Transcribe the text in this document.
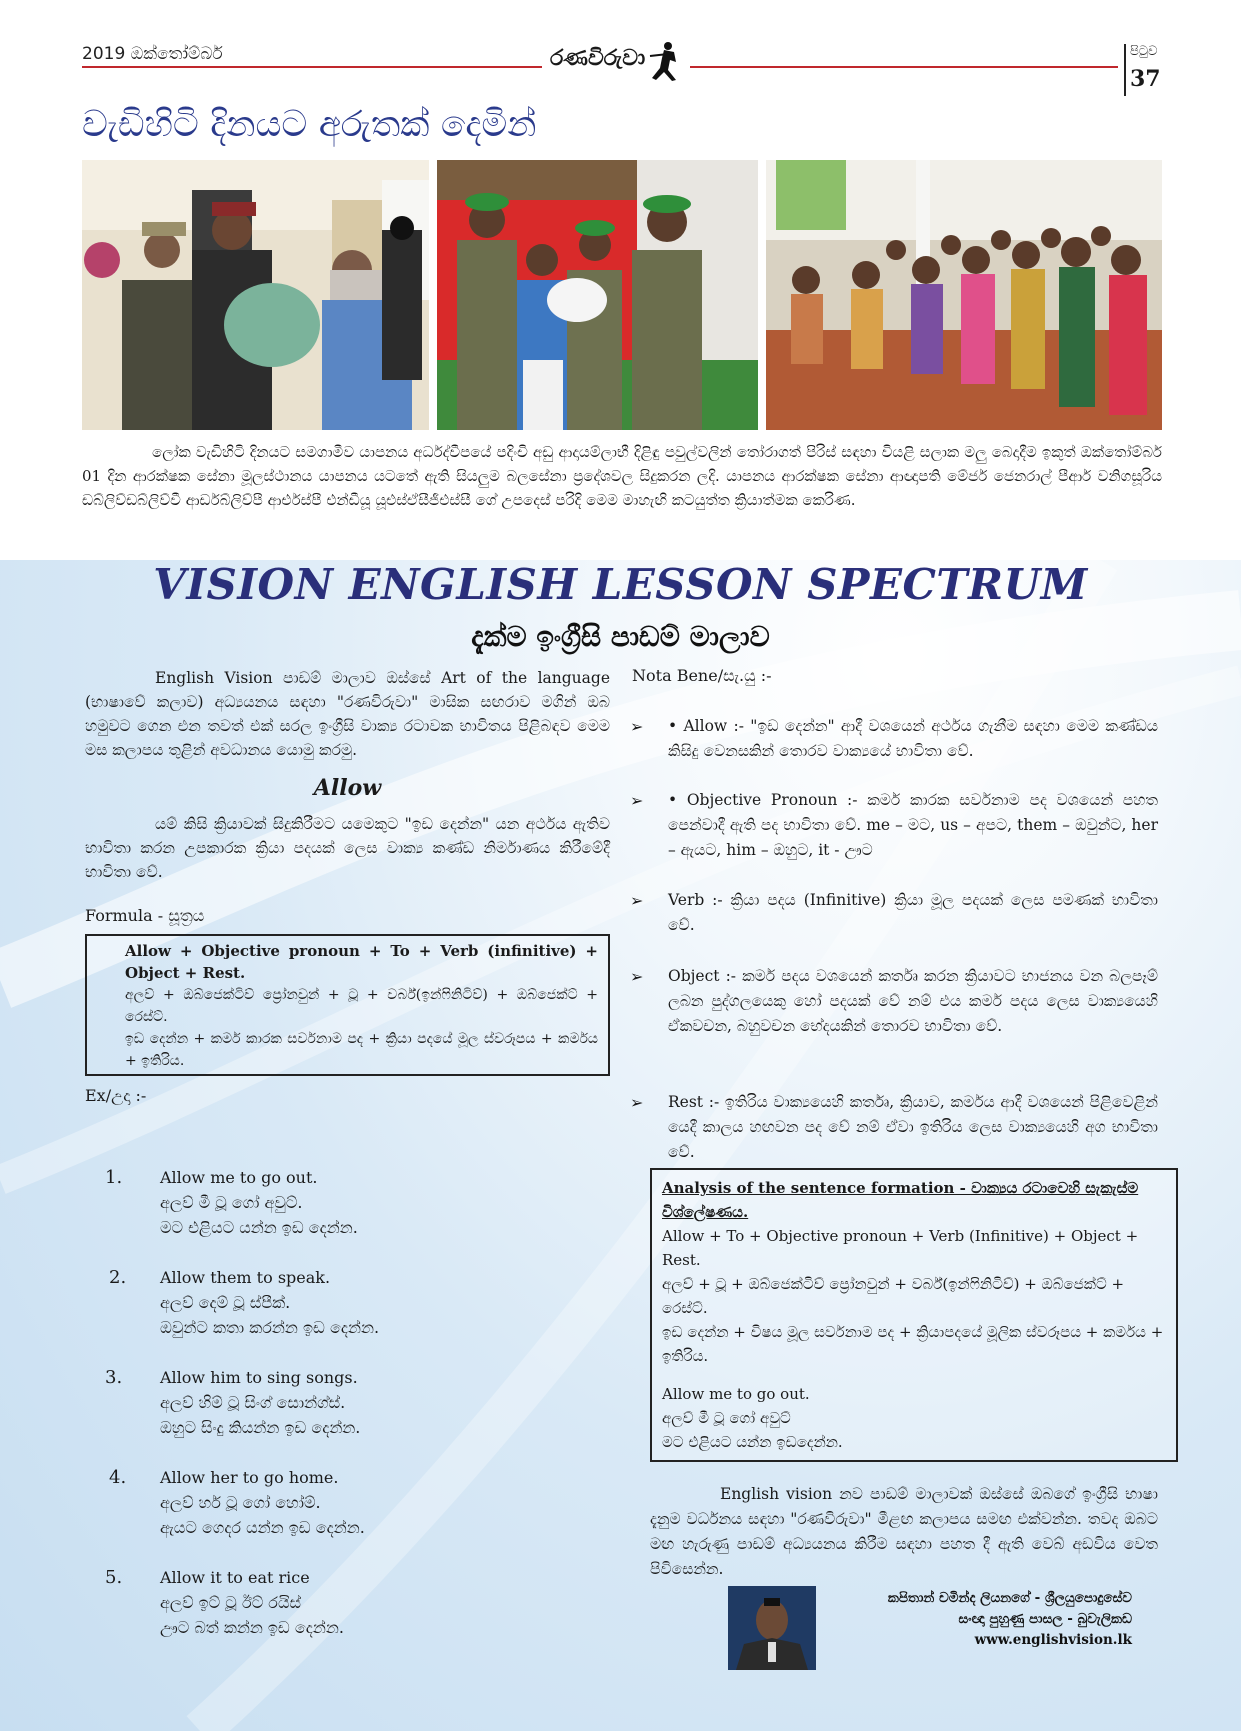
2019 ඔක්තෝම්බර්	රණවිරුවා	පිටුව
37
වැඩිහිටි දිනයට අරුතක් දෙමින්

ලෝක වැඩිහිටි දිනයට සමගාමීව යාපනය අර්ධද්වීපයේ පදිංචි අඩු ආදායම්ලාභී දිළිඳු පවුල්වලින් තෝරාගත් පිරිස් සඳහා වියළි සලාක මලු බෙදාදීම ඉකුත් ඔක්තෝම්බර් 01 දින ආරක්ෂක සේනා මූලස්ථානය යාපනය යටතේ ඇති සියලුම බලසේනා ප්‍රදේශවල සිදුකරන ලදි. යාපනය ආරක්ෂක සේනා ආඥාපති මේජර් ජෙනරාල් පීආර් වනිගසූරිය ඩබ්ලිව්ඩබ්ලිව්වී ආර්ඩබ්ලිව්පී ආර්එස්පී එන්ඩීයූ යූඑස්ඒසීජීඑස්සී ගේ උපදෙස් පරිදි මෙම මාහැඟි කටයුත්ත ක්‍රියාත්මක කෙරිණ.

VISION ENGLISH LESSON SPECTRUM
දැක්ම ඉංග්‍රීසි පාඩම් මාලාව

English Vision පාඩම් මාලාව ඔස්සේ Art of the language (භාෂාවේ කලාව) අධ්‍යයනය සඳහා "රණවිරුවා" මාසික සඟරාව මගින් ඔබ හමුවට ගෙන එන තවත් එක් සරල ඉංග්‍රීසි වාක්‍ය රටාවක භාවිතය පිළිබඳව මෙම මස කලාපය තුළින් අවධානය යොමු කරමු.

Allow

යම් කිසි ක්‍රියාවක් සිදුකිරීමට යමෙකුට "ඉඩ දෙන්න" යන අර්ථය ඇතිව භාවිතා කරන උපකාරක ක්‍රියා පදයක් ලෙස වාක්‍ය කණ්ඩ නිර්මාණය කිරීමේදී භාවිතා වේ.

Formula - සූත්‍රය
Allow + Objective pronoun + To + Verb (infinitive) + Object + Rest.
අලව් + ඔබ්ජෙක්ටිව් ප්‍රෝනවුන් + ටූ + වර්බ්(ඉන්ෆිනිටිව්) + ඔබ්ජෙක්ට් + රෙස්ට්.
ඉඩ දෙන්න + කර්ම කාරක සර්වනාම පද + ක්‍රියා පදයේ මූල ස්වරූපය + කර්මය + ඉතිරිය.
Ex/උදා :-
1.	Allow me to go out.
අලව් මී ටූ ගෝ අවුට්.
මට එළියට යන්න ඉඩ දෙන්න.
2.	Allow them to speak.
අලව් දෙම් ටූ ස්පීක්.
ඔවුන්ට කතා කරන්න ඉඩ දෙන්න.
3.	Allow him to sing songs.
අලව් හිම් ටූ සිංග් සොන්ග්ස්.
ඔහුට සිංදු කියන්න ඉඩ දෙන්න.
4.	Allow her to go home.
අලව් හර් ටූ ගෝ හෝම්.
ඇයට ගෙදර යන්න ඉඩ දෙන්න.
5.	Allow it to eat rice
අලව් ඉට් ටූ ඊට් රයිස්
ඌට බත් කන්න ඉඩ දෙන්න.
Nota Bene/සැ.යු :-
➢ • Allow :- "ඉඩ දෙන්න" ආදී වශයෙන් අර්ථය ගැනීම සඳහා මෙම කණ්ඩය කිසිදු වෙනසකින් තොරව වාක්‍යයේ භාවිතා වේ.
➢ • Objective Pronoun :- කර්ම කාරක සර්වනාම පද වශයෙන් පහත පෙන්වාදී ඇති පද භාවිතා වේ. me – මට, us – අපට, them – ඔවුන්ට, her – ඇයට, him – ඔහුට, it - ඌට
➢ Verb :- ක්‍රියා පදය (Infinitive) ක්‍රියා මූල පදයක් ලෙස පමණක් භාවිතා වේ.
➢ Object :- කර්ම පදය වශයෙන් කර්තෘ කරන ක්‍රියාවට භාජනය වන බලපෑම් ලබන පුද්ගලයෙකු හෝ පදයක් වේ නම් එය කර්ම පදය ලෙස වාක්‍යයෙහි ඒකවචන, බහුවචන භේදයකින් තොරව භාවිතා වේ.
➢ Rest :- ඉතිරිය වාක්‍යයෙහි කර්තෘ, ක්‍රියාව, කර්මය ආදී වශයෙන් පිළිවෙළින් යෙදී කාලය හඟවන පද වේ නම් ඒවා ඉතිරිය ලෙස වාක්‍යයෙහි අග භාවිතා වේ.
Analysis of the sentence formation - වාක්‍යය රටාවෙහි සැකැස්ම විශ්ලේෂණය.
Allow + To + Objective pronoun + Verb (Infinitive) + Object + Rest.
අලව් + ටූ + ඔබ්ජෙක්ටිව් ප්‍රෝනවුන් + වර්බ්(ඉන්ෆිනිටිව්) + ඔබ්ජෙක්ට් + රෙස්ට්.
ඉඩ දෙන්න + විෂය මූල සර්වනාම පද + ක්‍රියාපදයේ මූලික ස්වරූපය + කර්මය + ඉතිරිය.
Allow me to go out.
අලව් මී ටූ ගෝ අවුට්
මට එළියට යන්න ඉඩදෙන්න.

English vision නව පාඩම් මාලාවක් ඔස්සේ ඔබගේ ඉංග්‍රීසි භාෂා දැනුම වර්ධනය සඳහා "රණවිරුවා" මීළඟ කලාපය සමඟ එක්වන්න. තවද ඔබට මඟ හැරුණු පාඩම් අධ්‍යයනය කිරීම සඳහා පහත දී ඇති වෙබ් අඩවිය වෙත පිවිසෙන්න.

කපිතාන් චමින්ද ලියනගේ - ශ්‍රීලයුපොදුසේව
සංඥා පුහුණු පාසල - බුවැලිකඩ
www.englishvision.lk
